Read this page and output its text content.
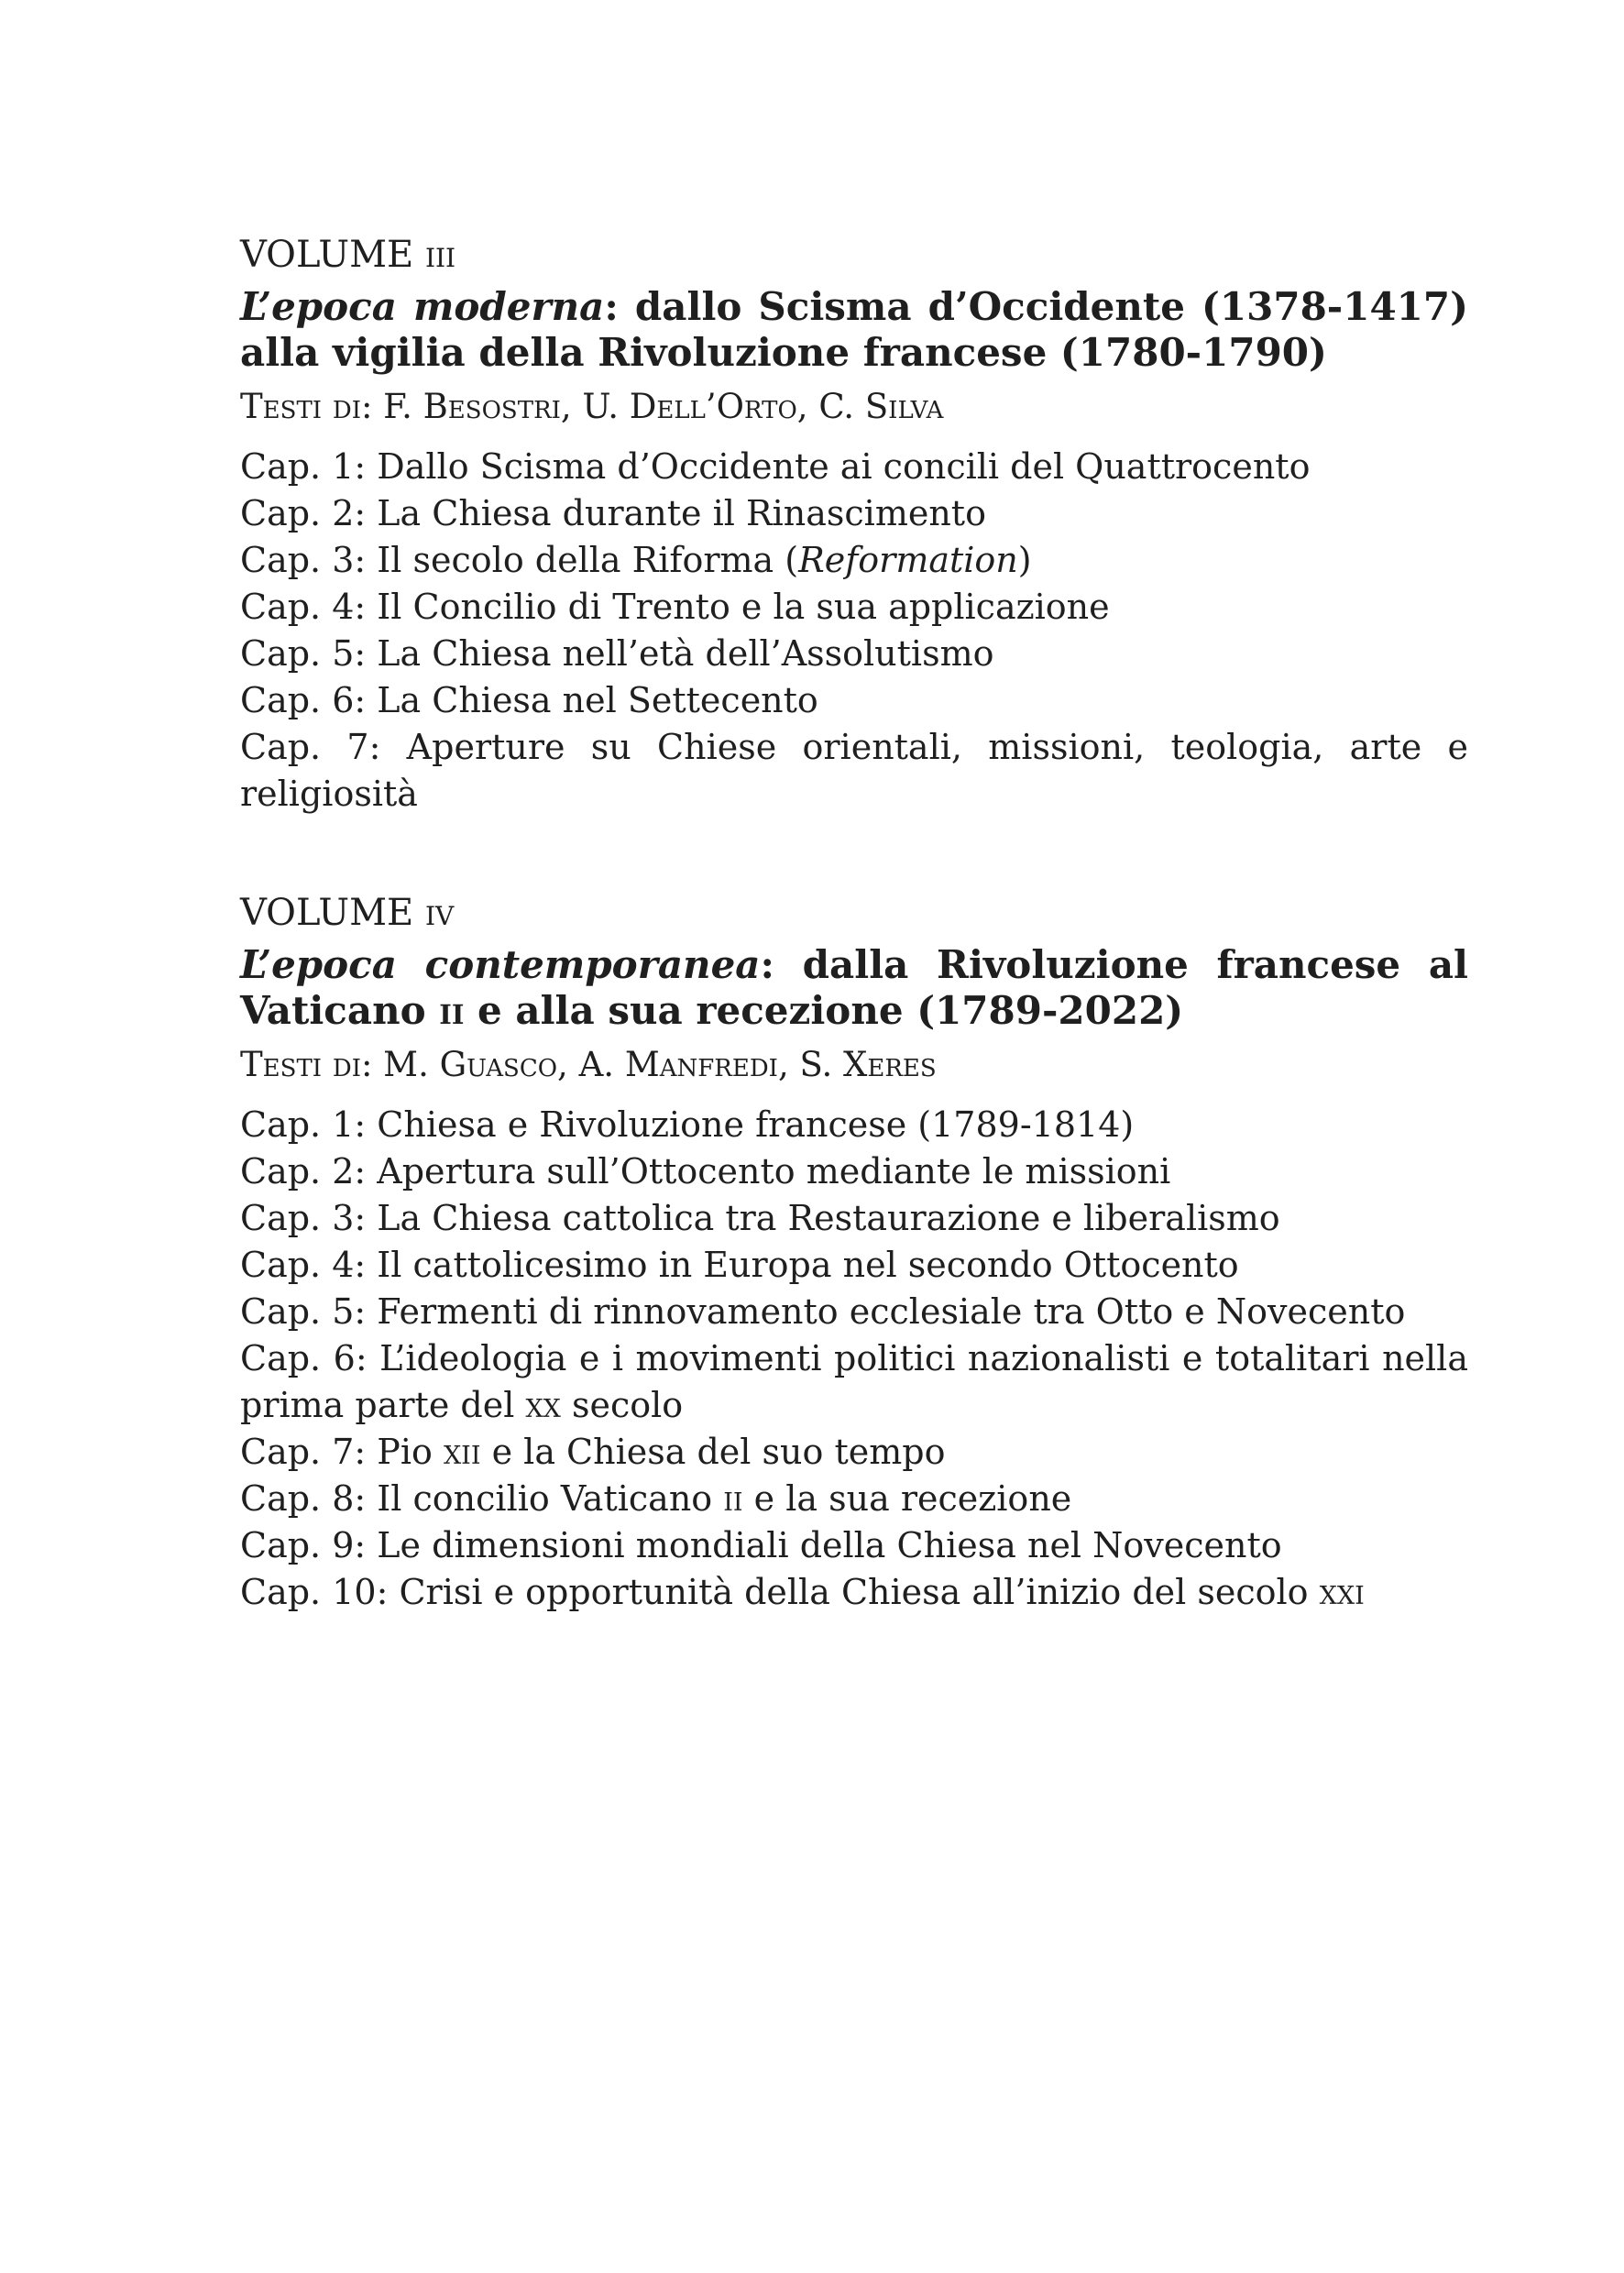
VOLUME iii

L’epoca moderna: dallo Scisma d’Occidente (1378-1417) alla vigilia della Rivoluzione francese (1780-1790)

Testi di: F. Besostri, U. Dell’Orto, C. Silva

Cap. 1: Dallo Scisma d’Occidente ai concili del Quattrocento
Cap. 2: La Chiesa durante il Rinascimento
Cap. 3: Il secolo della Riforma (Reformation)
Cap. 4: Il Concilio di Trento e la sua applicazione
Cap. 5: La Chiesa nell’età dell’Assolutismo
Cap. 6: La Chiesa nel Settecento
Cap. 7: Aperture su Chiese orientali, missioni, teologia, arte e religiosità

VOLUME iv

L’epoca contemporanea: dalla Rivoluzione francese al Vaticano ii e alla sua recezione (1789-2022)

Testi di: M. Guasco, A. Manfredi, S. Xeres

Cap. 1: Chiesa e Rivoluzione francese (1789-1814)
Cap. 2: Apertura sull’Ottocento mediante le missioni
Cap. 3: La Chiesa cattolica tra Restaurazione e liberalismo
Cap. 4: Il cattolicesimo in Europa nel secondo Ottocento
Cap. 5: Fermenti di rinnovamento ecclesiale tra Otto e Novecento
Cap. 6: L’ideologia e i movimenti politici nazionalisti e totalitari nella prima parte del xx secolo
Cap. 7: Pio xii e la Chiesa del suo tempo
Cap. 8: Il concilio Vaticano ii e la sua recezione
Cap. 9: Le dimensioni mondiali della Chiesa nel Novecento
Cap. 10: Crisi e opportunità della Chiesa all’inizio del secolo xxi
